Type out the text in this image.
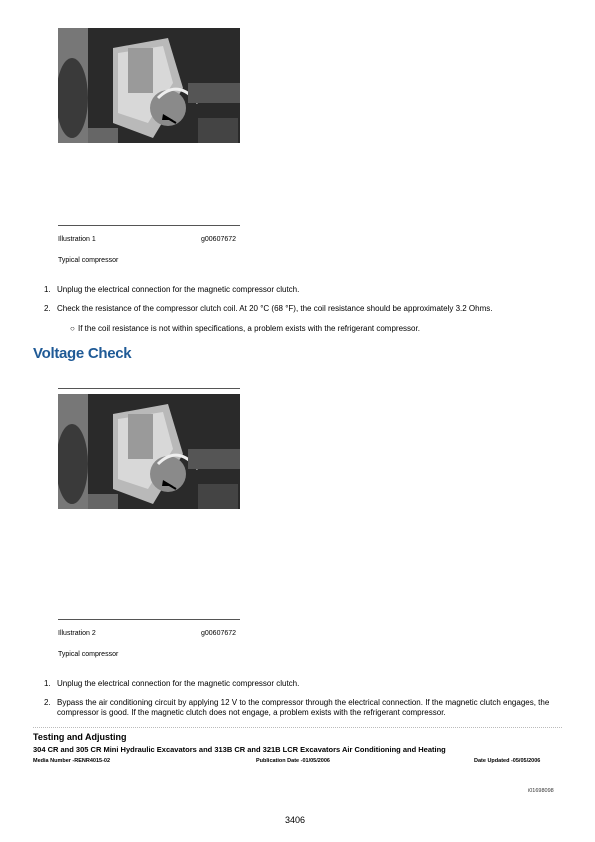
Illustration 1	g00607672
Typical compressor
1. Unplug the electrical connection for the magnetic compressor clutch.
2. Check the resistance of the compressor clutch coil. At 20 °C (68 °F), the coil resistance should be approximately 3.2 Ohms.
○ If the coil resistance is not within specifications, a problem exists with the refrigerant compressor.
Voltage Check
Illustration 2	g00607672
Typical compressor
1. Unplug the electrical connection for the magnetic compressor clutch.
2. Bypass the air conditioning circuit by applying 12 V to the compressor through the electrical connection. If the magnetic clutch engages, the compressor is good. If the magnetic clutch does not engage, a problem exists with the refrigerant compressor.
Testing and Adjusting
304 CR and 305 CR Mini Hydraulic Excavators and 313B CR and 321B LCR Excavators Air Conditioning and Heating
Media Number -RENR4015-02	Publication Date -01/05/2006	Date Updated -05/05/2006
i01698098
3406
